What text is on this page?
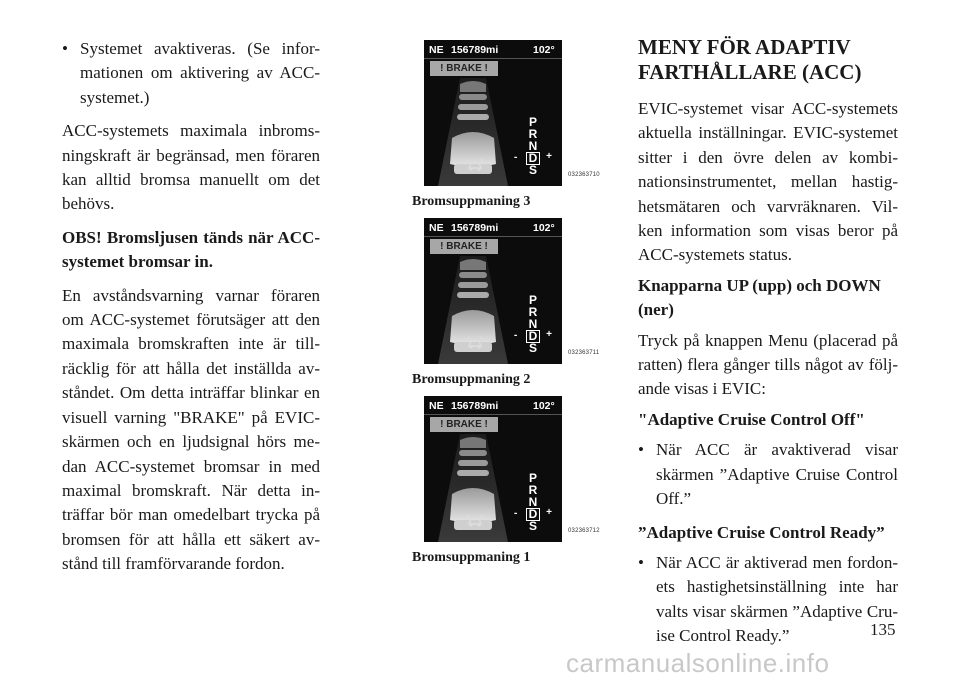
• Systemet avaktiveras. (Se infor-mationen om aktivering av ACC-systemet.)

ACC-systemets maximala inbroms-ningskraft är begränsad, men föraren kan alltid bromsa manuellt om det behövs.

OBS! Bromsljusen tänds när ACC-systemet bromsar in.

En avståndsvarning varnar föraren om ACC-systemet förutsäger att den maximala bromskraften inte är till-räcklig för att hålla det inställda av-ståndet. Om detta inträffar blinkar en visuell varning "BRAKE" på EVIC-skärmen och en ljudsignal hörs me-dan ACC-systemet bromsar in med maximal bromskraft. När detta in-träffar bör man omedelbart trycka på bromsen för att hålla ett säkert av-stånd till framförvarande fordon.

NE 156789mi	102°
! BRAKE !
P
R
N
- D +
S	032363710
Bromsuppmaning 3
NE 156789mi	102°
! BRAKE !
P
R
N
- D +
S	032363711
Bromsuppmaning 2
NE 156789mi	102°
! BRAKE !
P
R
N
- D +
S	032363712
Bromsuppmaning 1
MENY FÖR ADAPTIV FARTHÅLLARE (ACC)

EVIC-systemet visar ACC-systemets aktuella inställningar. EVIC-systemet sitter i den övre delen av kombi-nationsinstrumentet, mellan hastig-hetsmätaren och varvräknaren. Vil-ken information som visas beror på ACC-systemets status.

Knapparna UP (upp) och DOWN (ner)

Tryck på knappen Menu (placerad på ratten) flera gånger tills något av följ-ande visas i EVIC:

"Adaptive Cruise Control Off"
• När ACC är avaktiverad visar skärmen ”Adaptive Cruise Control Off.”
”Adaptive Cruise Control Ready”
• När ACC är aktiverad men fordon-ets hastighetsinställning inte har valts visar skärmen ”Adaptive Cru-ise Control Ready.”	135
carmanualsonline.info
